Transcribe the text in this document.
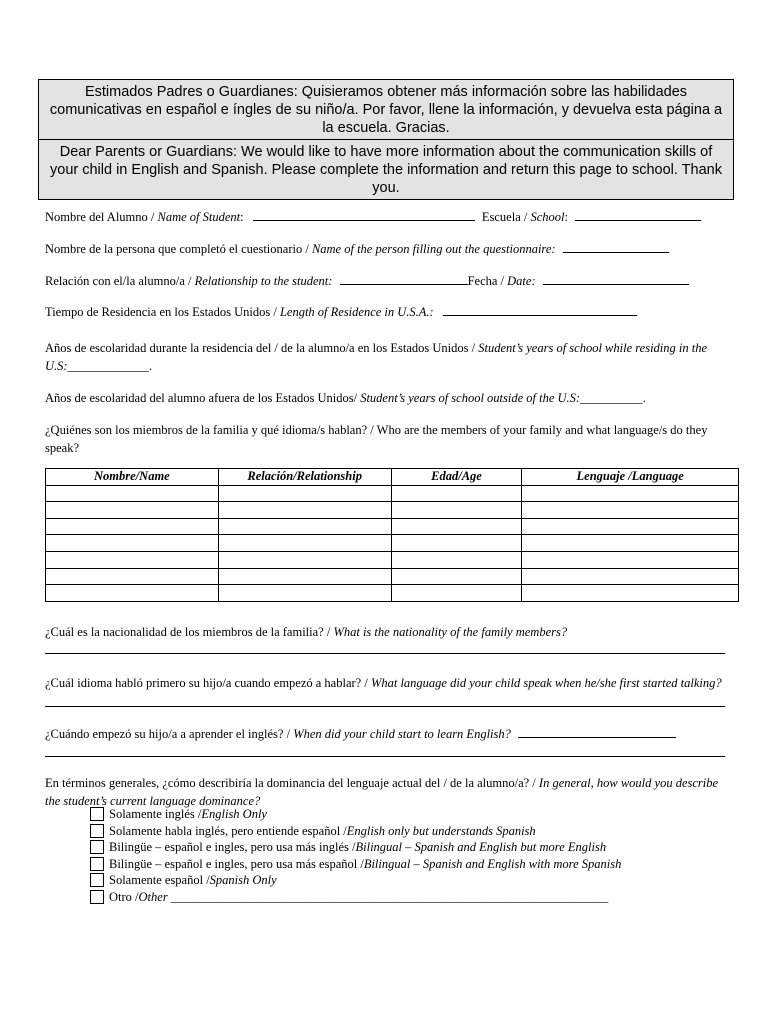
Estimados Padres o Guardianes: Quisieramos obtener más información sobre las habilidades comunicativas en español e íngles de su niño/a. Por favor, llene la información, y devuelva esta página a la escuela. Gracias.

Dear Parents or Guardians: We would like to have more information about the communication skills of your child in English and Spanish. Please complete the information and return this page to school. Thank you.

Nombre del Alumno / Name of Student:	Escuela / School:
Nombre de la persona que completó el cuestionario / Name of the person filling out the questionnaire:
Relación con el/la alumno/a / Relationship to the student:	Fecha / Date:
Tiempo de Residencia en los Estados Unidos / Length of Residence in U.S.A.:
Años de escolaridad durante la residencia del / de la alumno/a en los Estados Unidos / Student’s years of school while residing in the U.S:_____________.
Años de escolaridad del alumno afuera de los Estados Unidos/ Student’s years of school outside of the U.S:__________.
¿Quiénes son los miembros de la familia y qué idioma/s hablan? / Who are the members of your family and what language/s do they speak?
Nombre/Name	Relación/Relationship	Edad/Age	Lenguaje /Language

¿Cuál es la nacionalidad de los miembros de la familia? / What is the nationality of the family members?
¿Cuál idioma habló primero su hijo/a cuando empezó a hablar? / What language did your child speak when he/she first started talking?
¿Cuándo empezó su hijo/a a aprender el inglés? / When did your child start to learn English?
En términos generales, ¿cómo describiría la dominancia del lenguaje actual del / de la alumno/a? / In general, how would you describe the student’s current language dominance?
Solamente inglés / English Only
Solamente habla inglés, pero entiende español / English only but understands Spanish
Bilingüe – español e ingles, pero usa más inglés / Bilingual – Spanish and English but more English
Bilingüe – español e ingles, pero usa más español / Bilingual – Spanish and English with more Spanish
Solamente español / Spanish Only
Otro / Other ______________________________________________________________________
